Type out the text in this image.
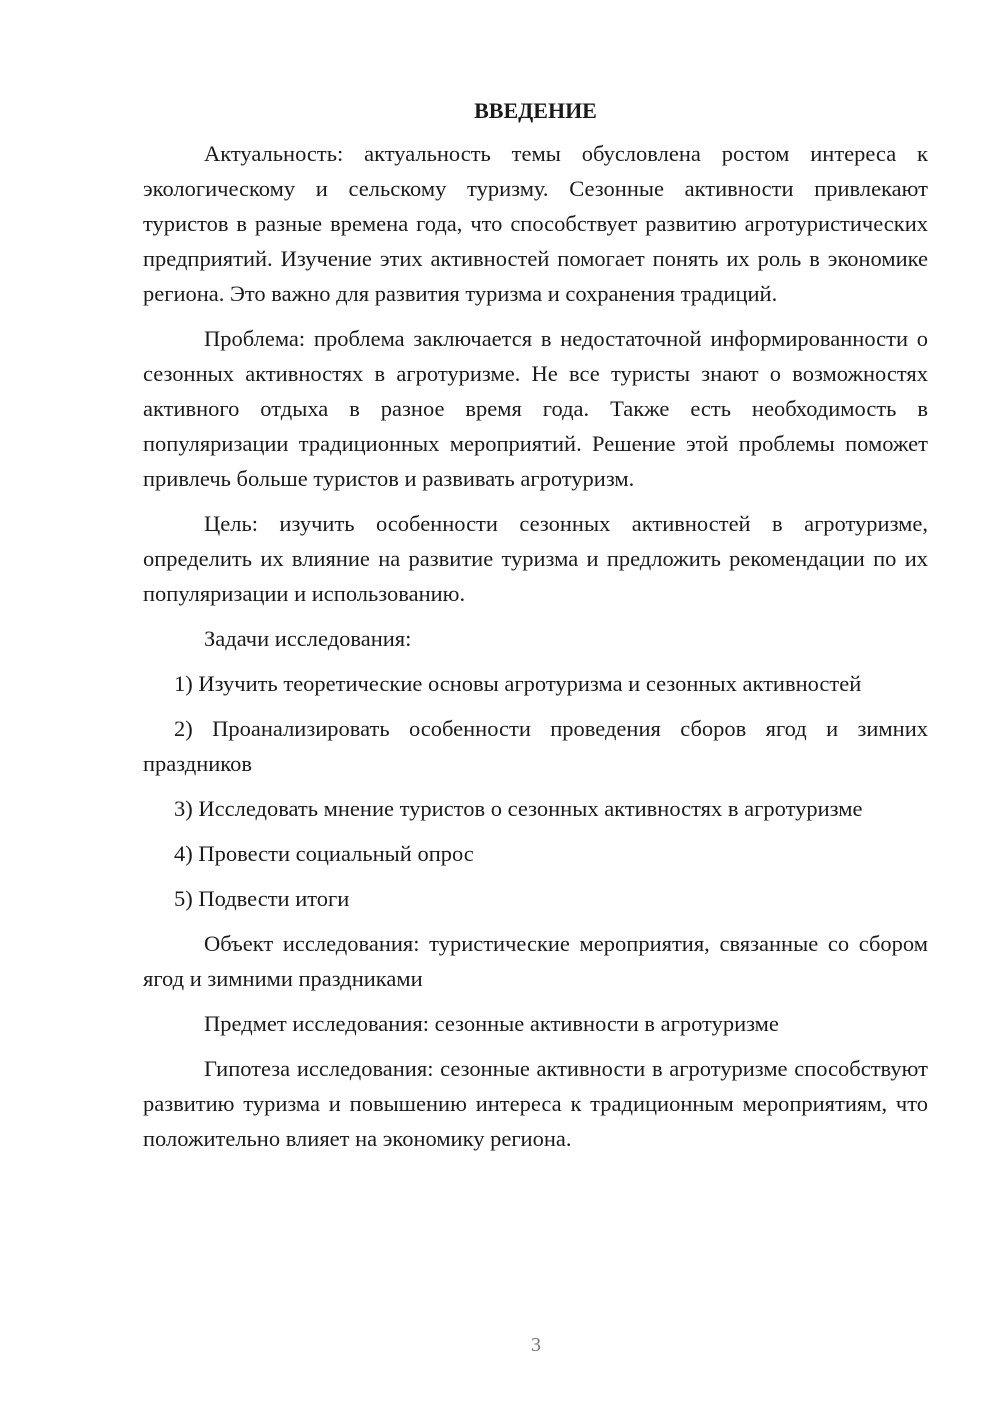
ВВЕДЕНИЕ

Актуальность: актуальность темы обусловлена ростом интереса к экологическому и сельскому туризму. Сезонные активности привлекают туристов в разные времена года, что способствует развитию агротуристических предприятий. Изучение этих активностей помогает понять их роль в экономике региона. Это важно для развития туризма и сохранения традиций.

Проблема: проблема заключается в недостаточной информированности о сезонных активностях в агротуризме. Не все туристы знают о возможностях активного отдыха в разное время года. Также есть необходимость в популяризации традиционных мероприятий. Решение этой проблемы поможет привлечь больше туристов и развивать агротуризм.

Цель: изучить особенности сезонных активностей в агротуризме, определить их влияние на развитие туризма и предложить рекомендации по их популяризации и использованию.

Задачи исследования:

1) Изучить теоретические основы агротуризма и сезонных активностей

2) Проанализировать особенности проведения сборов ягод и зимних праздников

3) Исследовать мнение туристов о сезонных активностях в агротуризме

4) Провести социальный опрос

5) Подвести итоги

Объект исследования: туристические мероприятия, связанные со сбором ягод и зимними праздниками

Предмет исследования: сезонные активности в агротуризме

Гипотеза исследования: сезонные активности в агротуризме способствуют развитию туризма и повышению интереса к традиционным мероприятиям, что положительно влияет на экономику региона.

3
